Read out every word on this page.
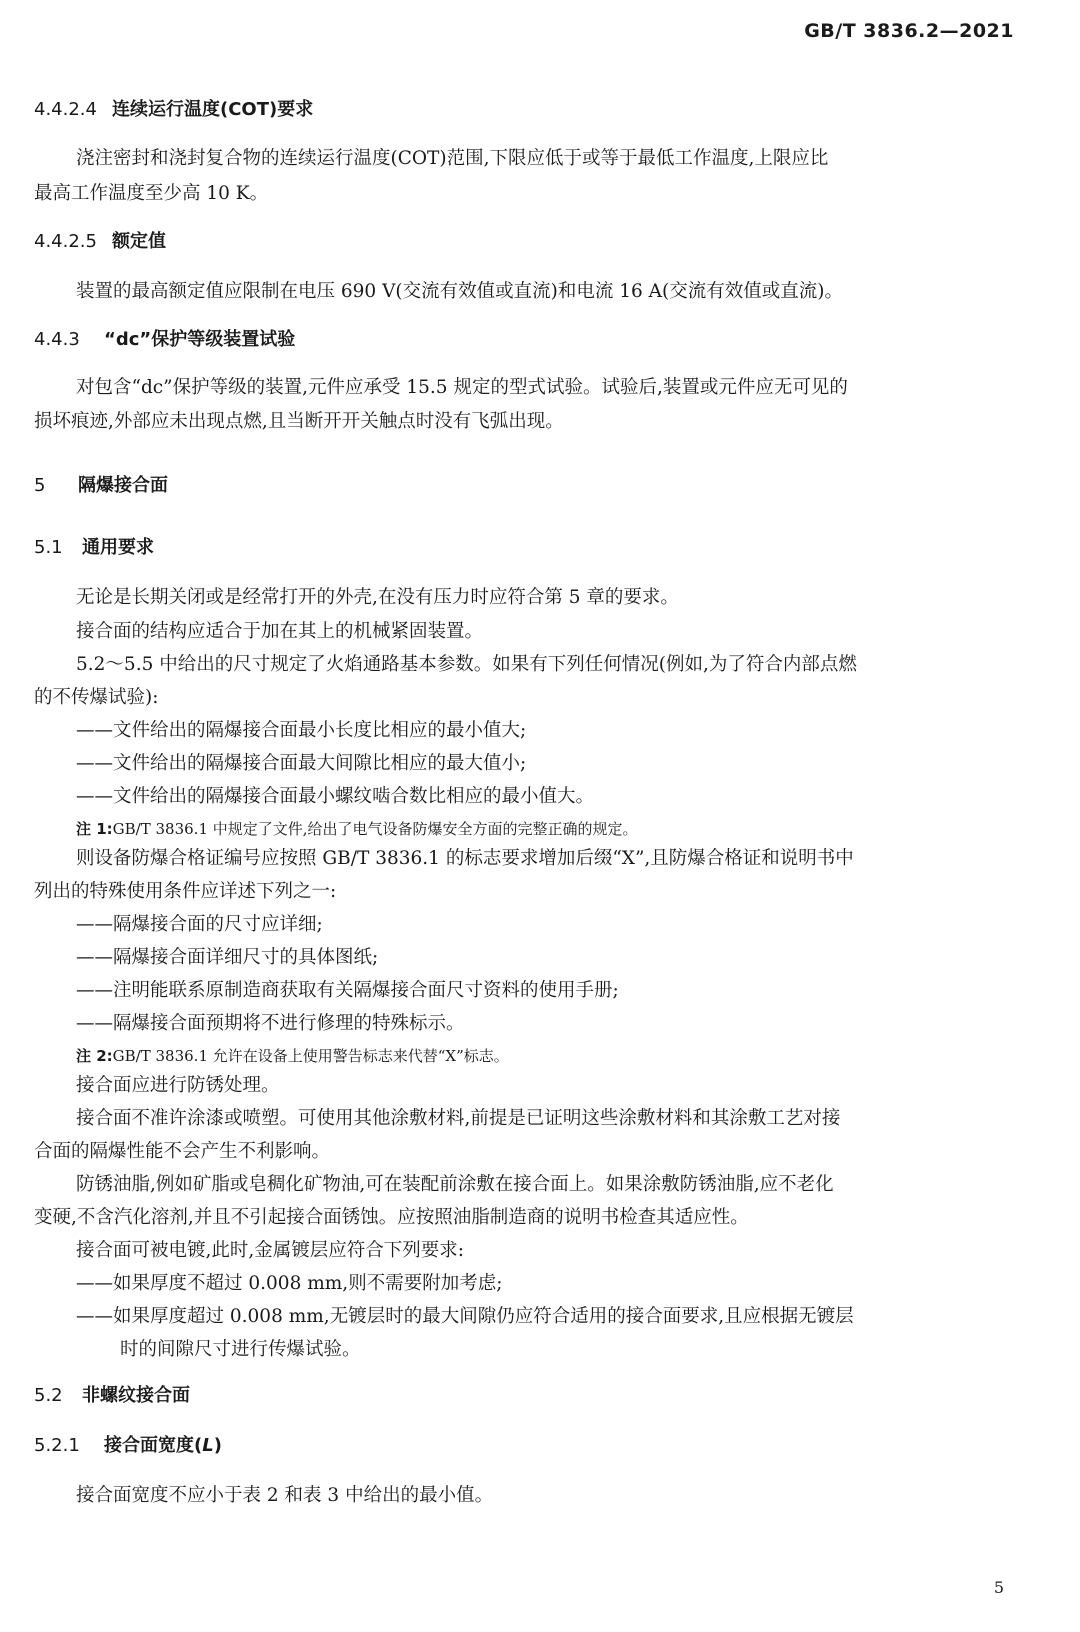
GB/T 3836.2—2021
4.4.2.4 连续运行温度(COT)要求
浇注密封和浇封复合物的连续运行温度(COT)范围,下限应低于或等于最低工作温度,上限应比
最高工作温度至少高 10 K。
4.4.2.5 额定值
装置的最高额定值应限制在电压 690 V(交流有效值或直流)和电流 16 A(交流有效值或直流)。
4.4.3 “dc”保护等级装置试验
对包含“dc”保护等级的装置,元件应承受 15.5 规定的型式试验。试验后,装置或元件应无可见的
损坏痕迹,外部应未出现点燃,且当断开开关触点时没有飞弧出现。
5 隔爆接合面
5.1 通用要求
无论是长期关闭或是经常打开的外壳,在没有压力时应符合第 5 章的要求。
接合面的结构应适合于加在其上的机械紧固装置。
5.2～5.5 中给出的尺寸规定了火焰通路基本参数。如果有下列任何情况(例如,为了符合内部点燃
的不传爆试验):
——文件给出的隔爆接合面最小长度比相应的最小值大;
——文件给出的隔爆接合面最大间隙比相应的最大值小;
——文件给出的隔爆接合面最小螺纹啮合数比相应的最小值大。
注 1:GB/T 3836.1 中规定了文件,给出了电气设备防爆安全方面的完整正确的规定。
则设备防爆合格证编号应按照 GB/T 3836.1 的标志要求增加后缀“X”,且防爆合格证和说明书中
列出的特殊使用条件应详述下列之一:
——隔爆接合面的尺寸应详细;
——隔爆接合面详细尺寸的具体图纸;
——注明能联系原制造商获取有关隔爆接合面尺寸资料的使用手册;
——隔爆接合面预期将不进行修理的特殊标示。
注 2:GB/T 3836.1 允许在设备上使用警告标志来代替“X”标志。
接合面应进行防锈处理。
接合面不准许涂漆或喷塑。可使用其他涂敷材料,前提是已证明这些涂敷材料和其涂敷工艺对接
合面的隔爆性能不会产生不利影响。
防锈油脂,例如矿脂或皂稠化矿物油,可在装配前涂敷在接合面上。如果涂敷防锈油脂,应不老化
变硬,不含汽化溶剂,并且不引起接合面锈蚀。应按照油脂制造商的说明书检查其适应性。
接合面可被电镀,此时,金属镀层应符合下列要求:
——如果厚度不超过 0.008 mm,则不需要附加考虑;
——如果厚度超过 0.008 mm,无镀层时的最大间隙仍应符合适用的接合面要求,且应根据无镀层
时的间隙尺寸进行传爆试验。
5.2 非螺纹接合面
5.2.1 接合面宽度(L)
接合面宽度不应小于表 2 和表 3 中给出的最小值。
5
